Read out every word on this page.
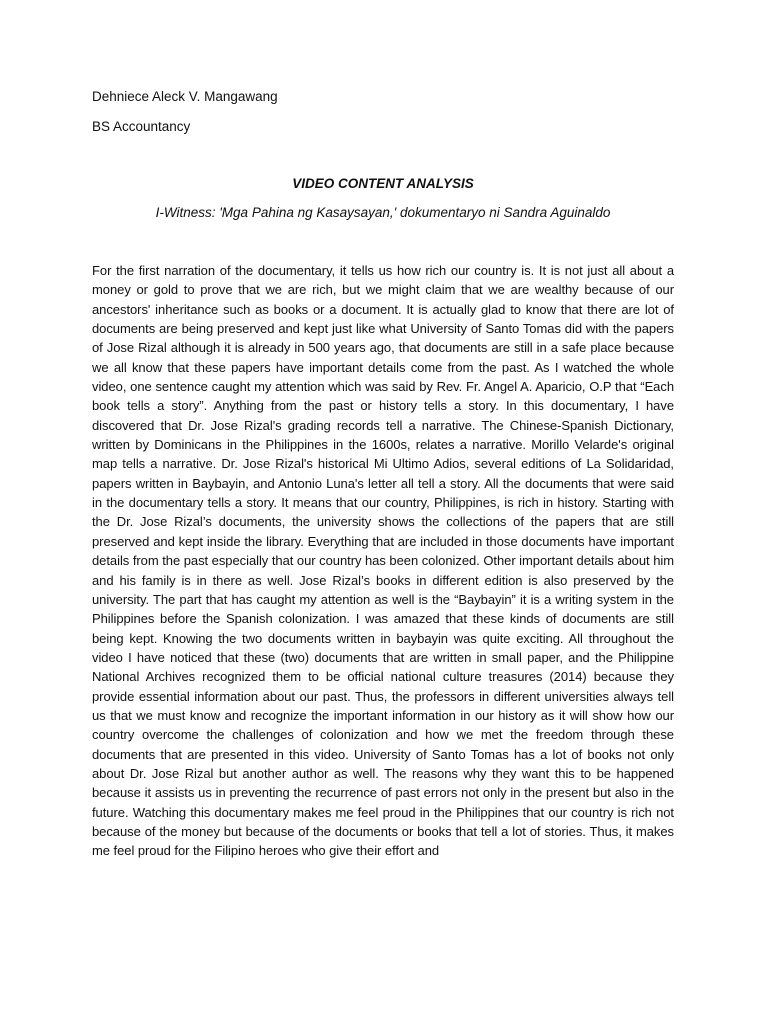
Dehniece Aleck V. Mangawang
BS Accountancy
VIDEO CONTENT ANALYSIS
I-Witness: 'Mga Pahina ng Kasaysayan,' dokumentaryo ni Sandra Aguinaldo
For the first narration of the documentary, it tells us how rich our country is. It is not just all about a money or gold to prove that we are rich, but we might claim that we are wealthy because of our ancestors' inheritance such as books or a document. It is actually glad to know that there are lot of documents are being preserved and kept just like what University of Santo Tomas did with the papers of Jose Rizal although it is already in 500 years ago, that documents are still in a safe place because we all know that these papers have important details come from the past. As I watched the whole video, one sentence caught my attention which was said by Rev. Fr. Angel A. Aparicio, O.P that “Each book tells a story”. Anything from the past or history tells a story. In this documentary, I have discovered that Dr. Jose Rizal's grading records tell a narrative. The Chinese-Spanish Dictionary, written by Dominicans in the Philippines in the 1600s, relates a narrative. Morillo Velarde's original map tells a narrative. Dr. Jose Rizal's historical Mi Ultimo Adios, several editions of La Solidaridad, papers written in Baybayin, and Antonio Luna's letter all tell a story. All the documents that were said in the documentary tells a story. It means that our country, Philippines, is rich in history. Starting with the Dr. Jose Rizal’s documents, the university shows the collections of the papers that are still preserved and kept inside the library. Everything that are included in those documents have important details from the past especially that our country has been colonized. Other important details about him and his family is in there as well. Jose Rizal’s books in different edition is also preserved by the university. The part that has caught my attention as well is the “Baybayin” it is a writing system in the Philippines before the Spanish colonization. I was amazed that these kinds of documents are still being kept. Knowing the two documents written in baybayin was quite exciting. All throughout the video I have noticed that these (two) documents that are written in small paper, and the Philippine National Archives recognized them to be official national culture treasures (2014) because they provide essential information about our past. Thus, the professors in different universities always tell us that we must know and recognize the important information in our history as it will show how our country overcome the challenges of colonization and how we met the freedom through these documents that are presented in this video. University of Santo Tomas has a lot of books not only about Dr. Jose Rizal but another author as well. The reasons why they want this to be happened because it assists us in preventing the recurrence of past errors not only in the present but also in the future. Watching this documentary makes me feel proud in the Philippines that our country is rich not because of the money but because of the documents or books that tell a lot of stories. Thus, it makes me feel proud for the Filipino heroes who give their effort and
